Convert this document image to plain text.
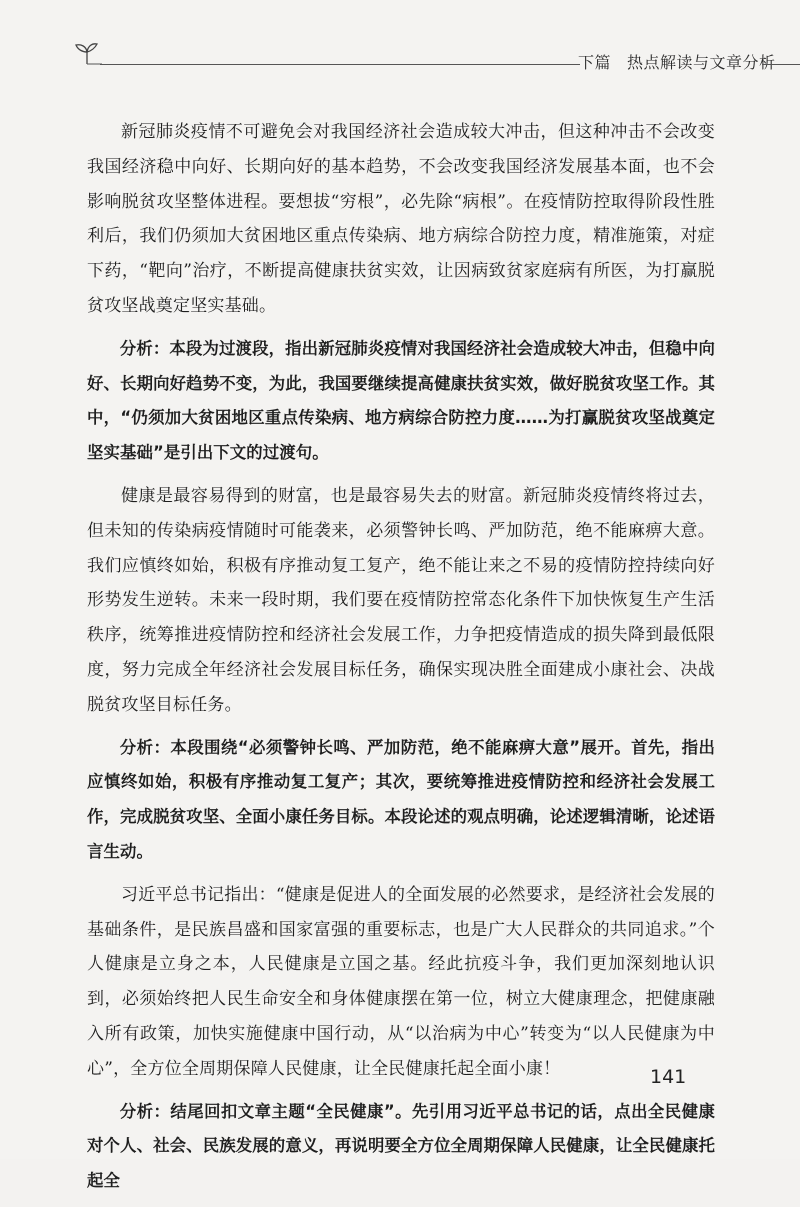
下篇 热点解读与文章分析

新冠肺炎疫情不可避免会对我国经济社会造成较大冲击，但这种冲击不会改变我国经济稳中向好、长期向好的基本趋势，不会改变我国经济发展基本面，也不会影响脱贫攻坚整体进程。要想拔“穷根”，必先除“病根”。在疫情防控取得阶段性胜利后，我们仍须加大贫困地区重点传染病、地方病综合防控力度，精准施策，对症下药，“靶向”治疗，不断提高健康扶贫实效，让因病致贫家庭病有所医，为打赢脱贫攻坚战奠定坚实基础。

分析：本段为过渡段，指出新冠肺炎疫情对我国经济社会造成较大冲击，但稳中向好、长期向好趋势不变，为此，我国要继续提高健康扶贫实效，做好脱贫攻坚工作。其中，“仍须加大贫困地区重点传染病、地方病综合防控力度……为打赢脱贫攻坚战奠定坚实基础”是引出下文的过渡句。

健康是最容易得到的财富，也是最容易失去的财富。新冠肺炎疫情终将过去，但未知的传染病疫情随时可能袭来，必须警钟长鸣、严加防范，绝不能麻痹大意。我们应慎终如始，积极有序推动复工复产，绝不能让来之不易的疫情防控持续向好形势发生逆转。未来一段时期，我们要在疫情防控常态化条件下加快恢复生产生活秩序，统筹推进疫情防控和经济社会发展工作，力争把疫情造成的损失降到最低限度，努力完成全年经济社会发展目标任务，确保实现决胜全面建成小康社会、决战脱贫攻坚目标任务。

分析：本段围绕“必须警钟长鸣、严加防范，绝不能麻痹大意”展开。首先，指出应慎终如始，积极有序推动复工复产；其次，要统筹推进疫情防控和经济社会发展工作，完成脱贫攻坚、全面小康任务目标。本段论述的观点明确，论述逻辑清晰，论述语言生动。

习近平总书记指出：“健康是促进人的全面发展的必然要求，是经济社会发展的基础条件，是民族昌盛和国家富强的重要标志，也是广大人民群众的共同追求。”个人健康是立身之本，人民健康是立国之基。经此抗疫斗争，我们更加深刻地认识到，必须始终把人民生命安全和身体健康摆在第一位，树立大健康理念，把健康融入所有政策，加快实施健康中国行动，从“以治病为中心”转变为“以人民健康为中心”，全方位全周期保障人民健康，让全民健康托起全面小康！

分析：结尾回扣文章主题“全民健康”。先引用习近平总书记的话，点出全民健康对个人、社会、民族发展的意义，再说明要全方位全周期保障人民健康，让全民健康托起全

141
